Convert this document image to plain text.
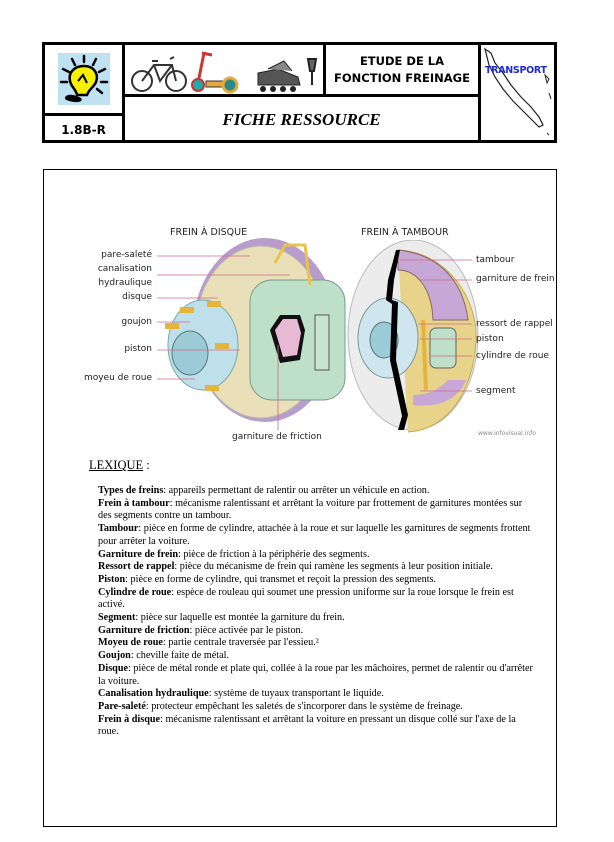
1.8B-R
ETUDE DE LA
FONCTION FREINAGE
FICHE RESSOURCE
TRANSPORT
FREIN À DISQUE	FREIN À TAMBOUR
pare-saleté
canalisation
hydraulique
disque
goujon
piston
moyeu de roue
garniture de friction
tambour
garniture de frein
ressort de rappel
piston
cylindre de roue
segment
www.infovisual.info
LEXIQUE :

Types de freins: appareils permettant de ralentir ou arrêter un véhicule en action.

Frein à tambour: mécanisme ralentissant et arrêtant la voiture par frottement de garnitures montées sur des segments contre un tambour.

Tambour: pièce en forme de cylindre, attachée à la roue et sur laquelle les garnitures de segments frottent pour arrêter la voiture.

Garniture de frein: pièce de friction à la périphérie des segments.

Ressort de rappel: pièce du mécanisme de frein qui ramène les segments à leur position initiale.

Piston: pièce en forme de cylindre, qui transmet et reçoit la pression des segments.

Cylindre de roue: espèce de rouleau qui soumet une pression uniforme sur la roue lorsque le frein est activé.

Segment: pièce sur laquelle est montée la garniture du frein.

Garniture de friction: pièce activée par le piston.

Moyeu de roue: partie centrale traversée par l'essieu.²

Goujon: cheville faite de métal.

Disque: pièce de métal ronde et plate qui, collée à la roue par les mâchoires, permet de ralentir ou d'arrêter la voiture.

Canalisation hydraulique: système de tuyaux transportant le liquide.

Pare-saleté: protecteur empêchant les saletés de s'incorporer dans le système de freinage.

Frein à disque: mécanisme ralentissant et arrêtant la voiture en pressant un disque collé sur l'axe de la roue.
